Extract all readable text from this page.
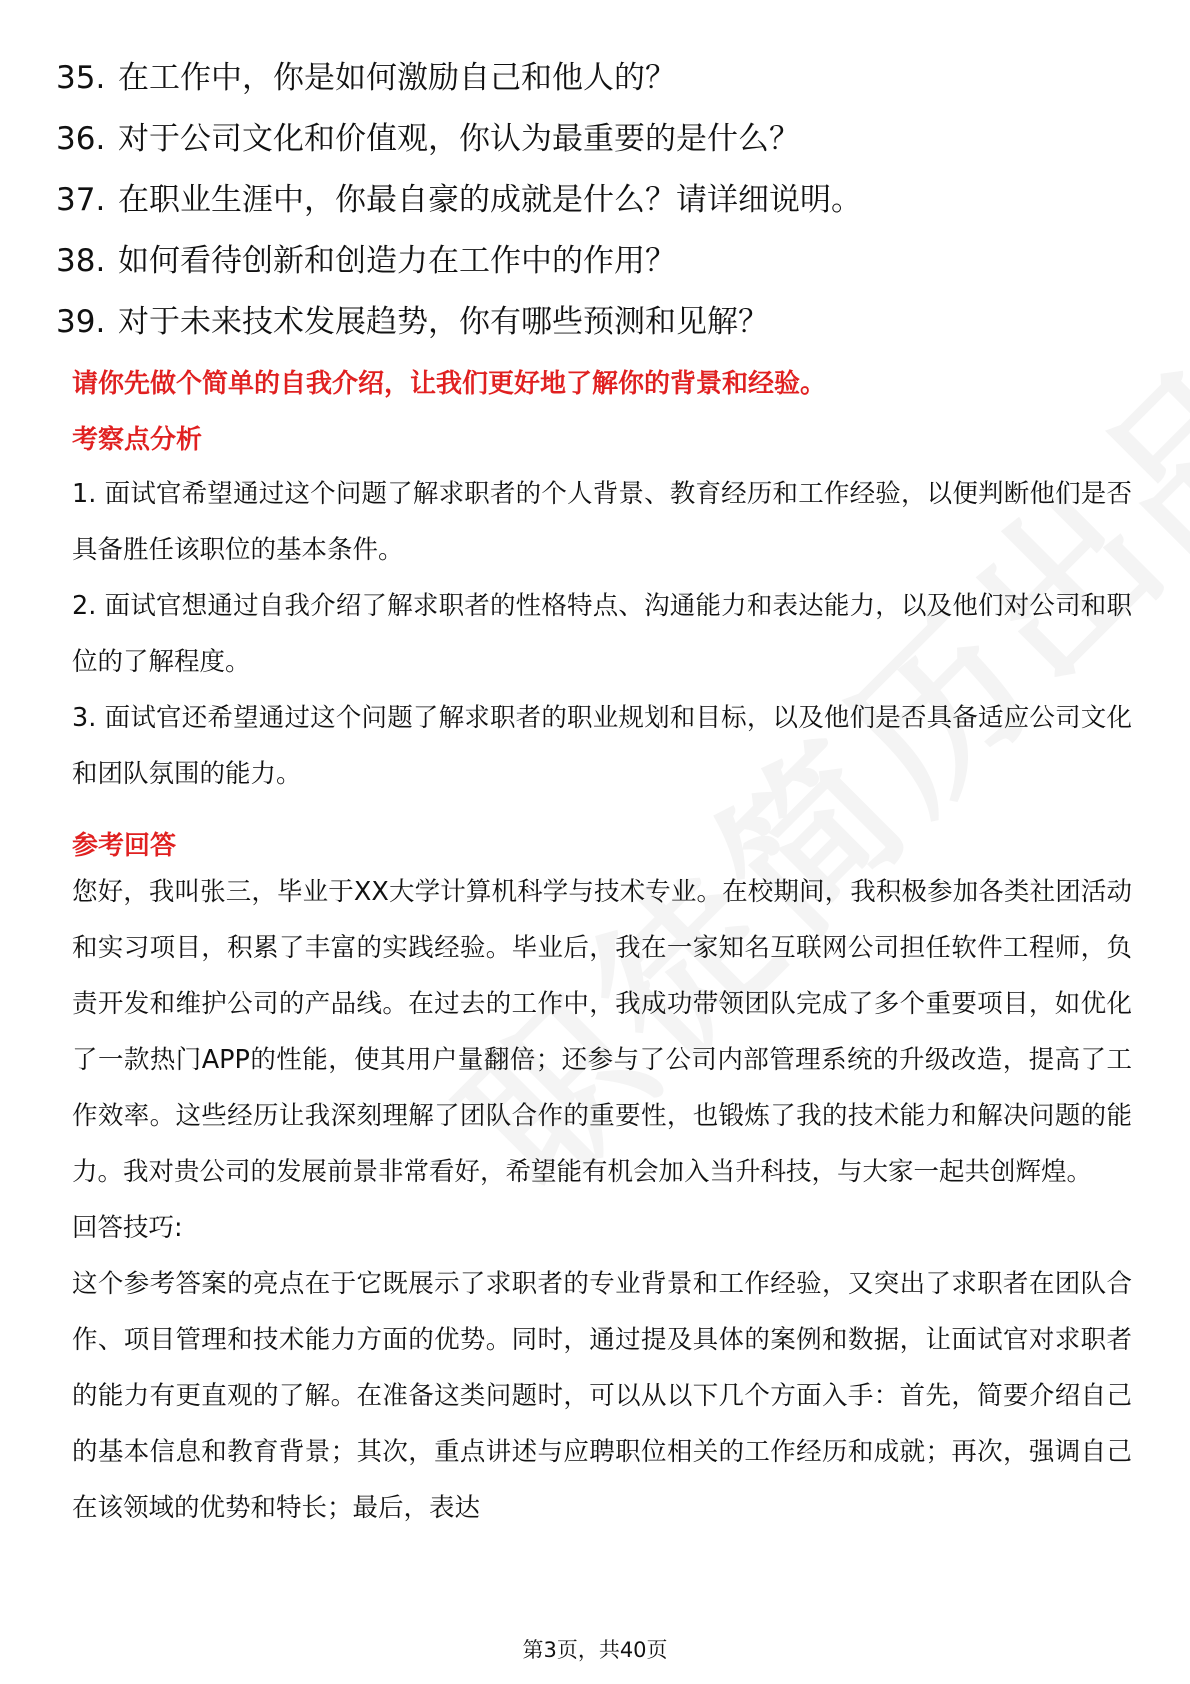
35. 在工作中，你是如何激励自己和他人的？
36. 对于公司文化和价值观，你认为最重要的是什么？
37. 在职业生涯中，你最自豪的成就是什么？请详细说明。
38. 如何看待创新和创造力在工作中的作用？
39. 对于未来技术发展趋势，你有哪些预测和见解？
请你先做个简单的自我介绍，让我们更好地了解你的背景和经验。
考察点分析

1. 面试官希望通过这个问题了解求职者的个人背景、教育经历和工作经验，以便判断他们是否具备胜任该职位的基本条件。

2. 面试官想通过自我介绍了解求职者的性格特点、沟通能力和表达能力，以及他们对公司和职位的了解程度。

3. 面试官还希望通过这个问题了解求职者的职业规划和目标，以及他们是否具备适应公司文化和团队氛围的能力。

参考回答

您好，我叫张三，毕业于XX大学计算机科学与技术专业。在校期间，我积极参加各类社团活动和实习项目，积累了丰富的实践经验。毕业后，我在一家知名互联网公司担任软件工程师，负责开发和维护公司的产品线。在过去的工作中，我成功带领团队完成了多个重要项目，如优化了一款热门APP的性能，使其用户量翻倍；还参与了公司内部管理系统的升级改造，提高了工作效率。这些经历让我深刻理解了团队合作的重要性，也锻炼了我的技术能力和解决问题的能力。我对贵公司的发展前景非常看好，希望能有机会加入当升科技，与大家一起共创辉煌。

回答技巧:

这个参考答案的亮点在于它既展示了求职者的专业背景和工作经验，又突出了求职者在团队合作、项目管理和技术能力方面的优势。同时，通过提及具体的案例和数据，让面试官对求职者的能力有更直观的了解。在准备这类问题时，可以从以下几个方面入手：首先，简要介绍自己的基本信息和教育背景；其次，重点讲述与应聘职位相关的工作经历和成就；再次，强调自己在该领域的优势和特长；最后，表达

第3页，共40页
